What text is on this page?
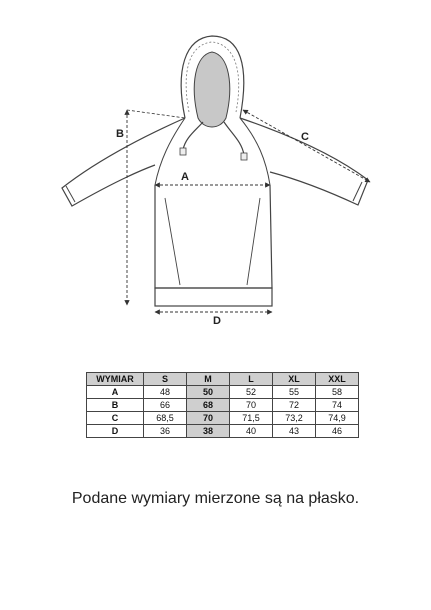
B
A
C
D
WYMIAR	S	M	L	XL	XXL
A	48	50	52	55	58
B	66	68	70	72	74
C	68,5	70	71,5	73,2	74,9
D	36	38	40	43	46
Podane wymiary mierzone są na płasko.
